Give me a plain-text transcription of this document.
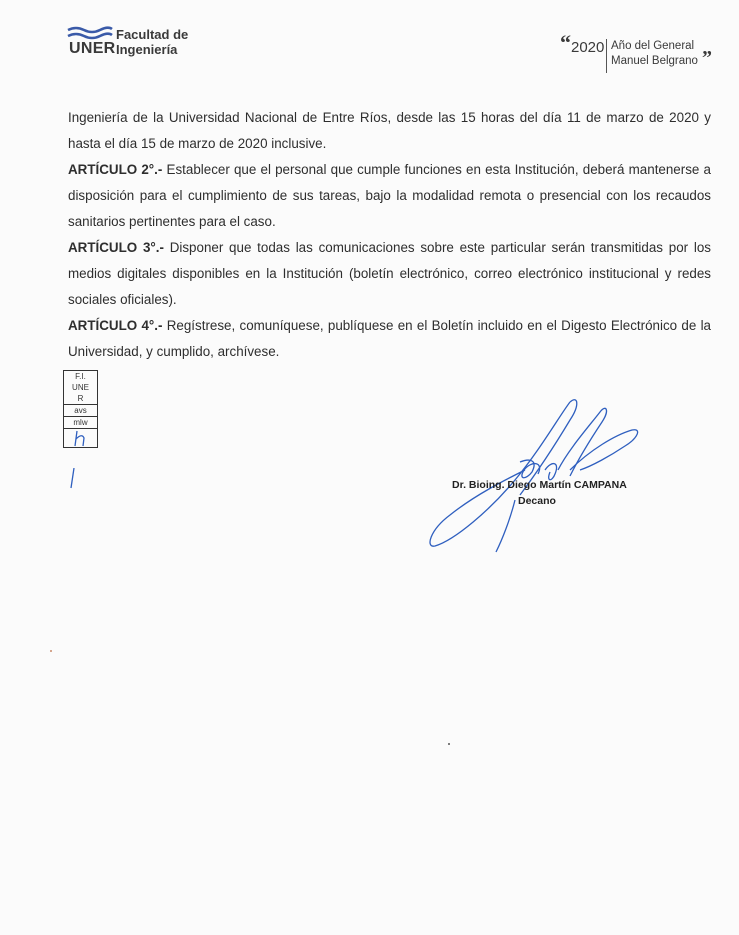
UNER
Facultad de
Ingeniería	“ 2020 Año del General
Manuel Belgrano ”

Ingeniería de la Universidad Nacional de Entre Ríos, desde las 15 horas del día 11 de marzo de 2020 y hasta el día 15 de marzo de 2020 inclusive.

ARTÍCULO 2°.- Establecer que el personal que cumple funciones en esta Institución, deberá mantenerse a disposición para el cumplimiento de sus tareas, bajo la modalidad remota o presencial con los recaudos sanitarios pertinentes para el caso.

ARTÍCULO 3°.- Disponer que todas las comunicaciones sobre este particular serán transmitidas por los medios digitales disponibles en la Institución (boletín electrónico, correo electrónico institucional y redes sociales oficiales).

ARTÍCULO 4°.- Regístrese, comuníquese, publíquese en el Boletín incluido en el Digesto Electrónico de la Universidad, y cumplido, archívese.

F.I.
UNE
R
avs
mlw
Dr. Bioing. Diego Martín CAMPANA
Decano
